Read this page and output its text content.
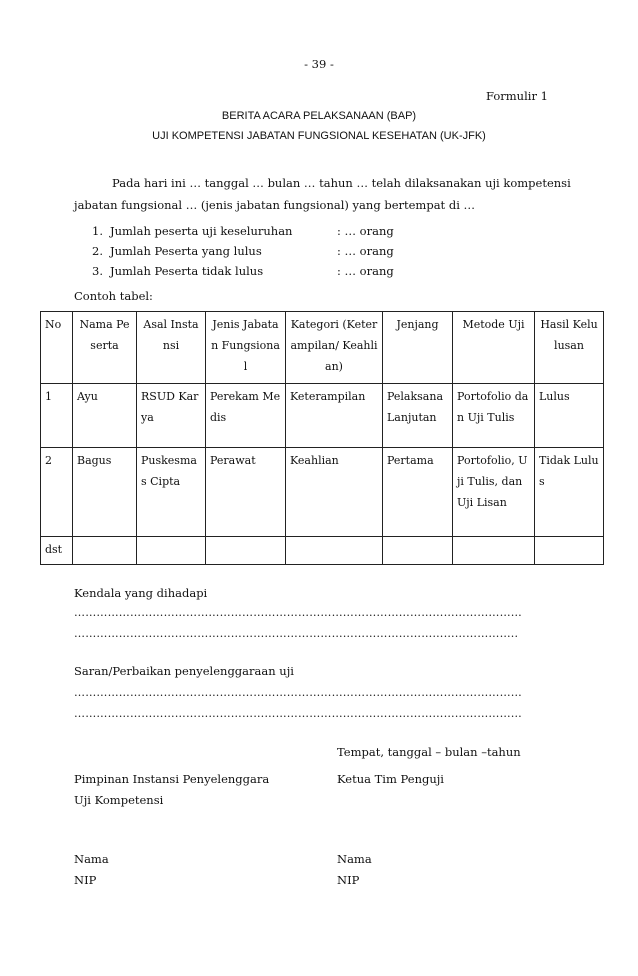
- 39 -
Formulir 1
BERITA ACARA PELAKSANAAN (BAP)
UJI KOMPETENSI JABATAN FUNGSIONAL KESEHATAN (UK-JFK)
Pada hari ini … tanggal … bulan … tahun … telah dilaksanakan uji kompetensi
jabatan fungsional … (jenis jabatan fungsional) yang bertempat di …
1. Jumlah peserta uji keseluruhan	: … orang
2. Jumlah Peserta yang lulus	: … orang
3. Jumlah Peserta tidak lulus	: … orang
Contoh tabel:
No	Nama Peserta	Asal Instansi	Jenis Jabatan Fungsional	Kategori (Keterampilan/ Keahlian)	Jenjang	Metode Uji	Hasil Kelulusan
1	Ayu	RSUD Karya	Perekam Medis	Keterampilan	Pelaksana Lanjutan	Portofolio dan Uji Tulis	Lulus
2	Bagus	Puskesmas Cipta	Perawat	Keahlian	Pertama	Portofolio, Uji Tulis, dan Uji Lisan	Tidak Lulus
dst							
Kendala yang dihadapi
…………………………………………………………………………………………………………
………………………………………………………………………………………………………..
Saran/Perbaikan penyelenggaraan uji
…………………………………………………………………………………………………………
…………………………………………………………………………………………………………
Tempat, tanggal – bulan –tahun
Pimpinan Instansi Penyelenggara
Uji Kompetensi
Ketua Tim Penguji
Nama
NIP
Nama
NIP
